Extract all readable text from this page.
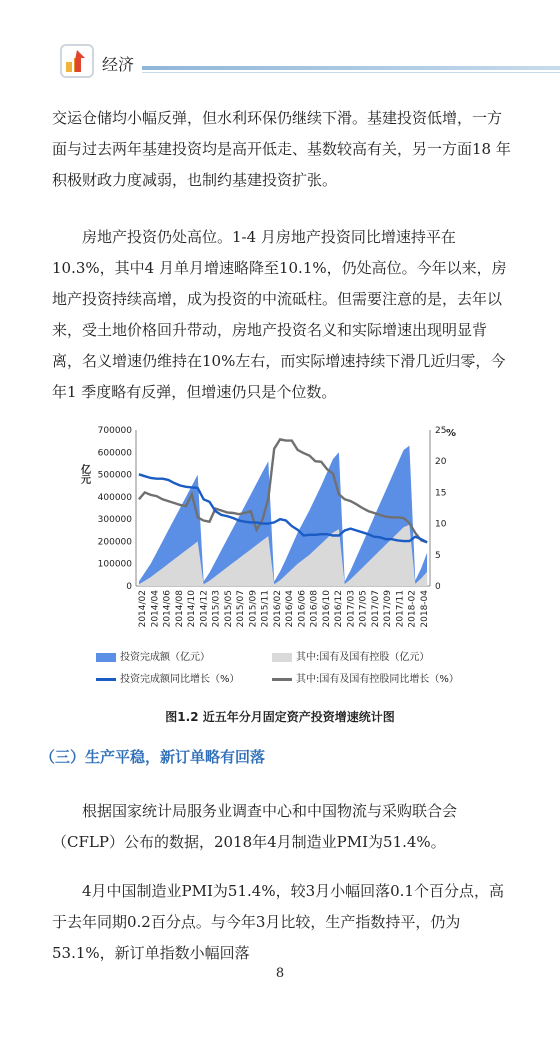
经济

交运仓储均小幅反弹，但水利环保仍继续下滑。基建投资低增，一方面与过去两年基建投资均是高开低走、基数较高有关，另一方面18 年积极财政力度减弱，也制约基建投资扩张。

房地产投资仍处高位。1-4 月房地产投资同比增速持平在10.3%，其中4 月单月增速略降至10.1%，仍处高位。今年以来，房地产投资持续高增，成为投资的中流砥柱。但需要注意的是，去年以来，受土地价格回升带动，房地产投资名义和实际增速出现明显背离，名义增速仍维持在10%左右，而实际增速持续下滑几近归零，今年1 季度略有反弹，但增速仍只是个位数。

0
100000
200000
300000
400000
500000
600000
700000
0
5
10
15
20
25
亿元
%
2014/02 2014/04 2014/06 2014/08 2014/10 2014/12 2015/03 2015/05 2015/07 2015/09 2015/11 2016/02 2016/04 2016/06 2016/08 2016/10 2016/12 2017/03 2017/05 2017/07 2017/09 2017/11 2018-02 2018-04
投资完成额（亿元）	其中:国有及国有控股（亿元）
投资完成额同比增长（%）	其中:国有及国有控股同比增长（%）
图1.2 近五年分月固定资产投资增速统计图
（三）生产平稳，新订单略有回落

根据国家统计局服务业调查中心和中国物流与采购联合会（CFLP）公布的数据，2018年4月制造业PMI为51.4%。

4月中国制造业PMI为51.4%，较3月小幅回落0.1个百分点，高于去年同期0.2百分点。与今年3月比较，生产指数持平，仍为53.1%，新订单指数小幅回落

8
